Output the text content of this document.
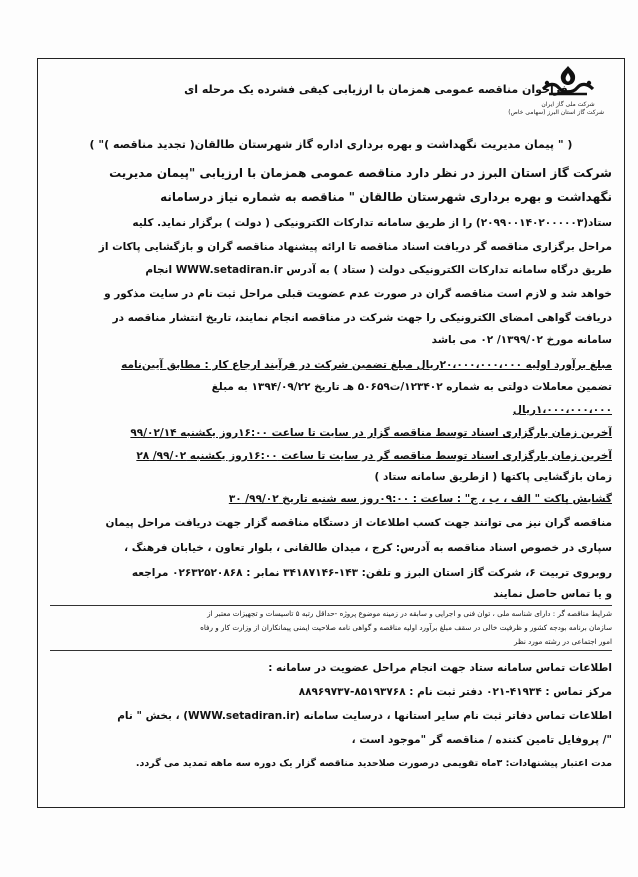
شرکت ملی گاز ایران
شرکت گاز استان البرز (سهامی خاص)
فراخوان مناقصه عمومی همزمان با ارزیابی کیفی فشرده یک مرحله ای
( " پیمان مدیریت نگهداشت و بهره برداری اداره گاز شهرستان طالقان( تجدید مناقصه )" )
شرکت گاز استان البرز در نظر دارد مناقصه عمومی همزمان با ارزیابی "پیمان مدیریت
نگهداشت و بهره برداری شهرستان طالقان " مناقصه به شماره نیاز درسامانه
ستاد(۲۰۹۹۰۰۱۴۰۲۰۰۰۰۰۳) را از طریق سامانه تدارکات الکترونیکی ( دولت ) برگزار نماید. کلیه
مراحل برگزاری مناقصه گر دریافت اسناد مناقصه تا ارائه پیشنهاد مناقصه گران و بازگشایی پاکات از
طریق درگاه سامانه تدارکات الکترونیکی دولت ( ستاد ) به آدرس WWW.setadiran.ir انجام
خواهد شد و لازم است مناقصه گران در صورت عدم عضویت قبلی مراحل ثبت نام در سایت مذکور و
دریافت گواهی امضای الکترونیکی را جهت شرکت در مناقصه انجام نمایند، تاریخ انتشار مناقصه در
سامانه مورخ ۱۳۹۹/۰۲/ ۰۲ می باشد
مبلغ برآورد اولیه ۲۰،۰۰۰،۰۰۰،۰۰۰ریال مبلغ تضمین شرکت در فرآیند ارجاع کار : مطابق آیین‌نامه
تضمین معاملات دولتی به شماره ۱۲۳۴۰۲/ت۵۰۶۵۹ هـ تاریخ ۱۳۹۴/۰۹/۲۲ به مبلغ
۱،۰۰۰،۰۰۰،۰۰۰ریال
آخرین زمان بارگزاری اسناد توسط مناقصه گزار در سایت تا ساعت ۱۶:۰۰روز یکشنبه ۹۹/۰۲/۱۴
آخرین زمان بارگزاری اسناد توسط مناقصه گر در سایت تا ساعت ۱۶:۰۰روز یکشنبه ۹۹/۰۲/ ۲۸
زمان بازگشایی پاکتها ( ازطریق سامانه ستاد )
گشایش پاکت " الف ، ب ، ج" : ساعت : ۰۹:۰۰روز سه شنبه تاریخ ۹۹/۰۲/ ۳۰
مناقصه گران نیز می توانند جهت کسب اطلاعات از دستگاه مناقصه گزار جهت دریافت مراحل پیمان
سپاری در خصوص اسناد مناقصه به آدرس: کرج ، میدان طالقانی ، بلوار تعاون ، خیابان فرهنگ ،
روبروی تربیت ۶، شرکت گاز استان البرز و تلفن: ۱۴۳-۳۴۱۸۷۱۴۶ نمابر : ۰۲۶۳۲۵۲۰۸۶۸ مراجعه
و یا تماس حاصل نمایند
شرایط مناقصه گر : دارای شناسه ملی ، توان فنی و اجرایی و سابقه در زمینه موضوع پروژه -حداقل رتبه ۵ تاسیسات و تجهیزات معتبر از
سازمان برنامه بودجه کشور و ظرفیت خالی در سقف مبلغ برآورد اولیه مناقصه و گواهی نامه صلاحیت ایمنی پیمانکاران از وزارت کار و رفاه
امور اجتماعی در رشته مورد نظر
اطلاعات تماس سامانه ستاد جهت انجام مراحل عضویت در سامانه :
مرکز تماس : ۴۱۹۳۴-۰۲۱ دفتر ثبت نام : ۸۵۱۹۳۷۶۸-۸۸۹۶۹۷۳۷
اطلاعات تماس دفاتر ثبت نام سایر استانها ، درسایت سامانه (WWW.setadiran.ir) ، بخش " نام
"/ پروفایل تامین کننده / مناقصه گر "موجود است ،
مدت اعتبار پیشنهادات: ۳ماه تقویمی درصورت صلاحدید مناقصه گزار یک دوره سه ماهه تمدید می گردد.
